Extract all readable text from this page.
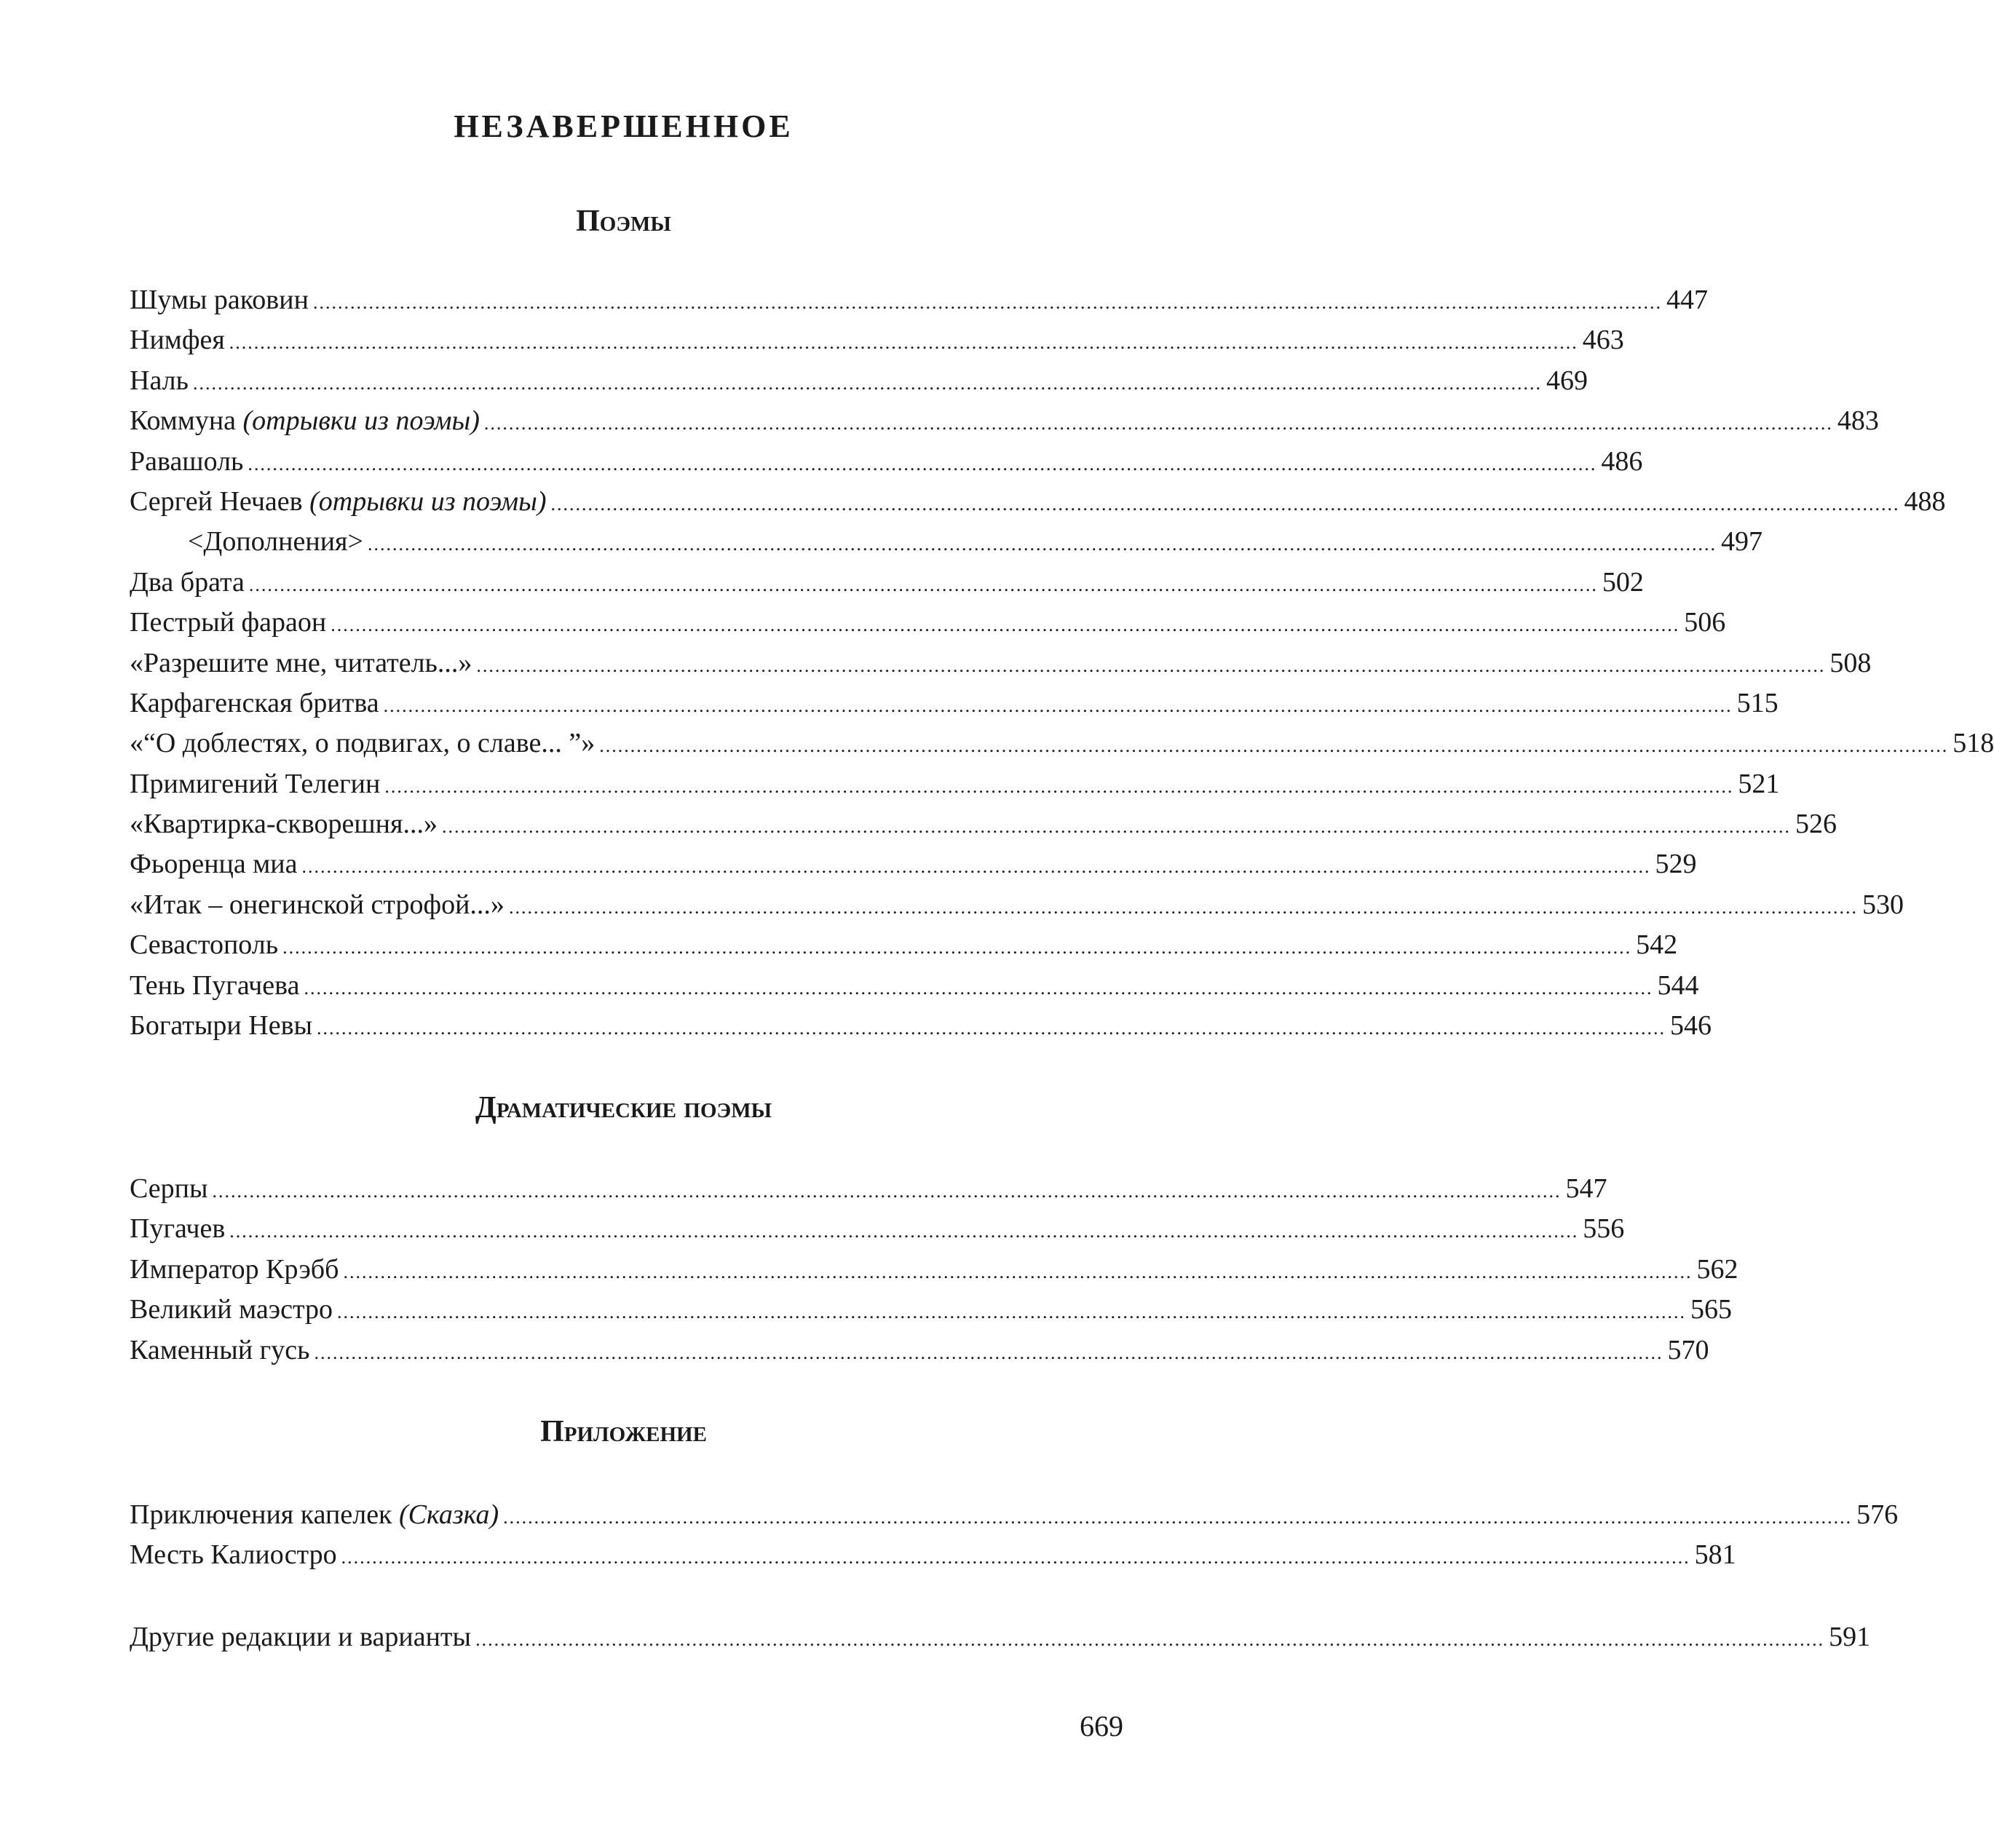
НЕЗАВЕРШЕННОЕ
Поэмы
Шумы раковин .......................................................................................................................................................................................................................... 447
Нимфея .......................................................................................................................................................................................................................... 463
Наль .......................................................................................................................................................................................................................... 469
Коммуна (отрывки из поэмы) .......................................................................................................................................................................................................................... 483
Равашоль .......................................................................................................................................................................................................................... 486
Сергей Нечаев (отрывки из поэмы) .......................................................................................................................................................................................................................... 488
<Дополнения> .......................................................................................................................................................................................................................... 497
Два брата .......................................................................................................................................................................................................................... 502
Пестрый фараон .......................................................................................................................................................................................................................... 506
«Разрешите мне, читатель...» .......................................................................................................................................................................................................................... 508
Карфагенская бритва .......................................................................................................................................................................................................................... 515
«“О доблестях, о подвигах, о славе... ”» .......................................................................................................................................................................................................................... 518
Примигений Телегин .......................................................................................................................................................................................................................... 521
«Квартирка-скворешня...» .......................................................................................................................................................................................................................... 526
Фьоренца миа .......................................................................................................................................................................................................................... 529
«Итак – онегинской строфой...» .......................................................................................................................................................................................................................... 530
Севастополь .......................................................................................................................................................................................................................... 542
Тень Пугачева .......................................................................................................................................................................................................................... 544
Богатыри Невы .......................................................................................................................................................................................................................... 546
Драматические поэмы
Серпы .......................................................................................................................................................................................................................... 547
Пугачев .......................................................................................................................................................................................................................... 556
Император Крэбб .......................................................................................................................................................................................................................... 562
Великий маэстро .......................................................................................................................................................................................................................... 565
Каменный гусь .......................................................................................................................................................................................................................... 570
Приложение
Приключения капелек (Сказка) .......................................................................................................................................................................................................................... 576
Месть Калиостро .......................................................................................................................................................................................................................... 581
Другие редакции и варианты .......................................................................................................................................................................................................................... 591
669
